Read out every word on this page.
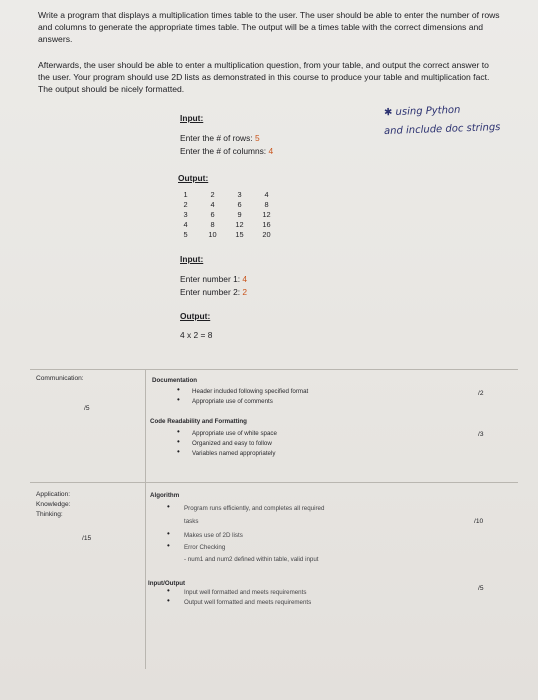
Write a program that displays a multiplication times table to the user. The user should be able to enter the number of rows and columns to generate the appropriate times table. The output will be a times table with the correct dimensions and answers.
Afterwards, the user should be able to enter a multiplication question, from your table, and output the correct answer to the user. Your program should use 2D lists as demonstrated in this course to produce your table and multiplication fact. The output should be nicely formatted.
✱ using Python
and include doc strings
Input:
Enter the # of rows: 5
Enter the # of columns: 4
Output:
1	2	3	4
2	4	6	8
3	6	9	12
4	8	12	16
5	10	15	20
Input:
Enter number 1: 4
Enter number 2: 2
Output:
4 x 2 = 8
Communication:
/5
Documentation
• Header included following specified format
• Appropriate use of comments
/2
Code Readability and Formatting
• Appropriate use of white space
• Organized and easy to follow
• Variables named appropriately
/3
Application:
Knowledge:
Thinking:
/15
Algorithm
• Program runs efficiently, and completes all required
tasks
• Makes use of 2D lists
• Error Checking
- num1 and num2 defined within table, valid input
/10
Input/Output
• Input well formatted and meets requirements
• Output well formatted and meets requirements
/5
